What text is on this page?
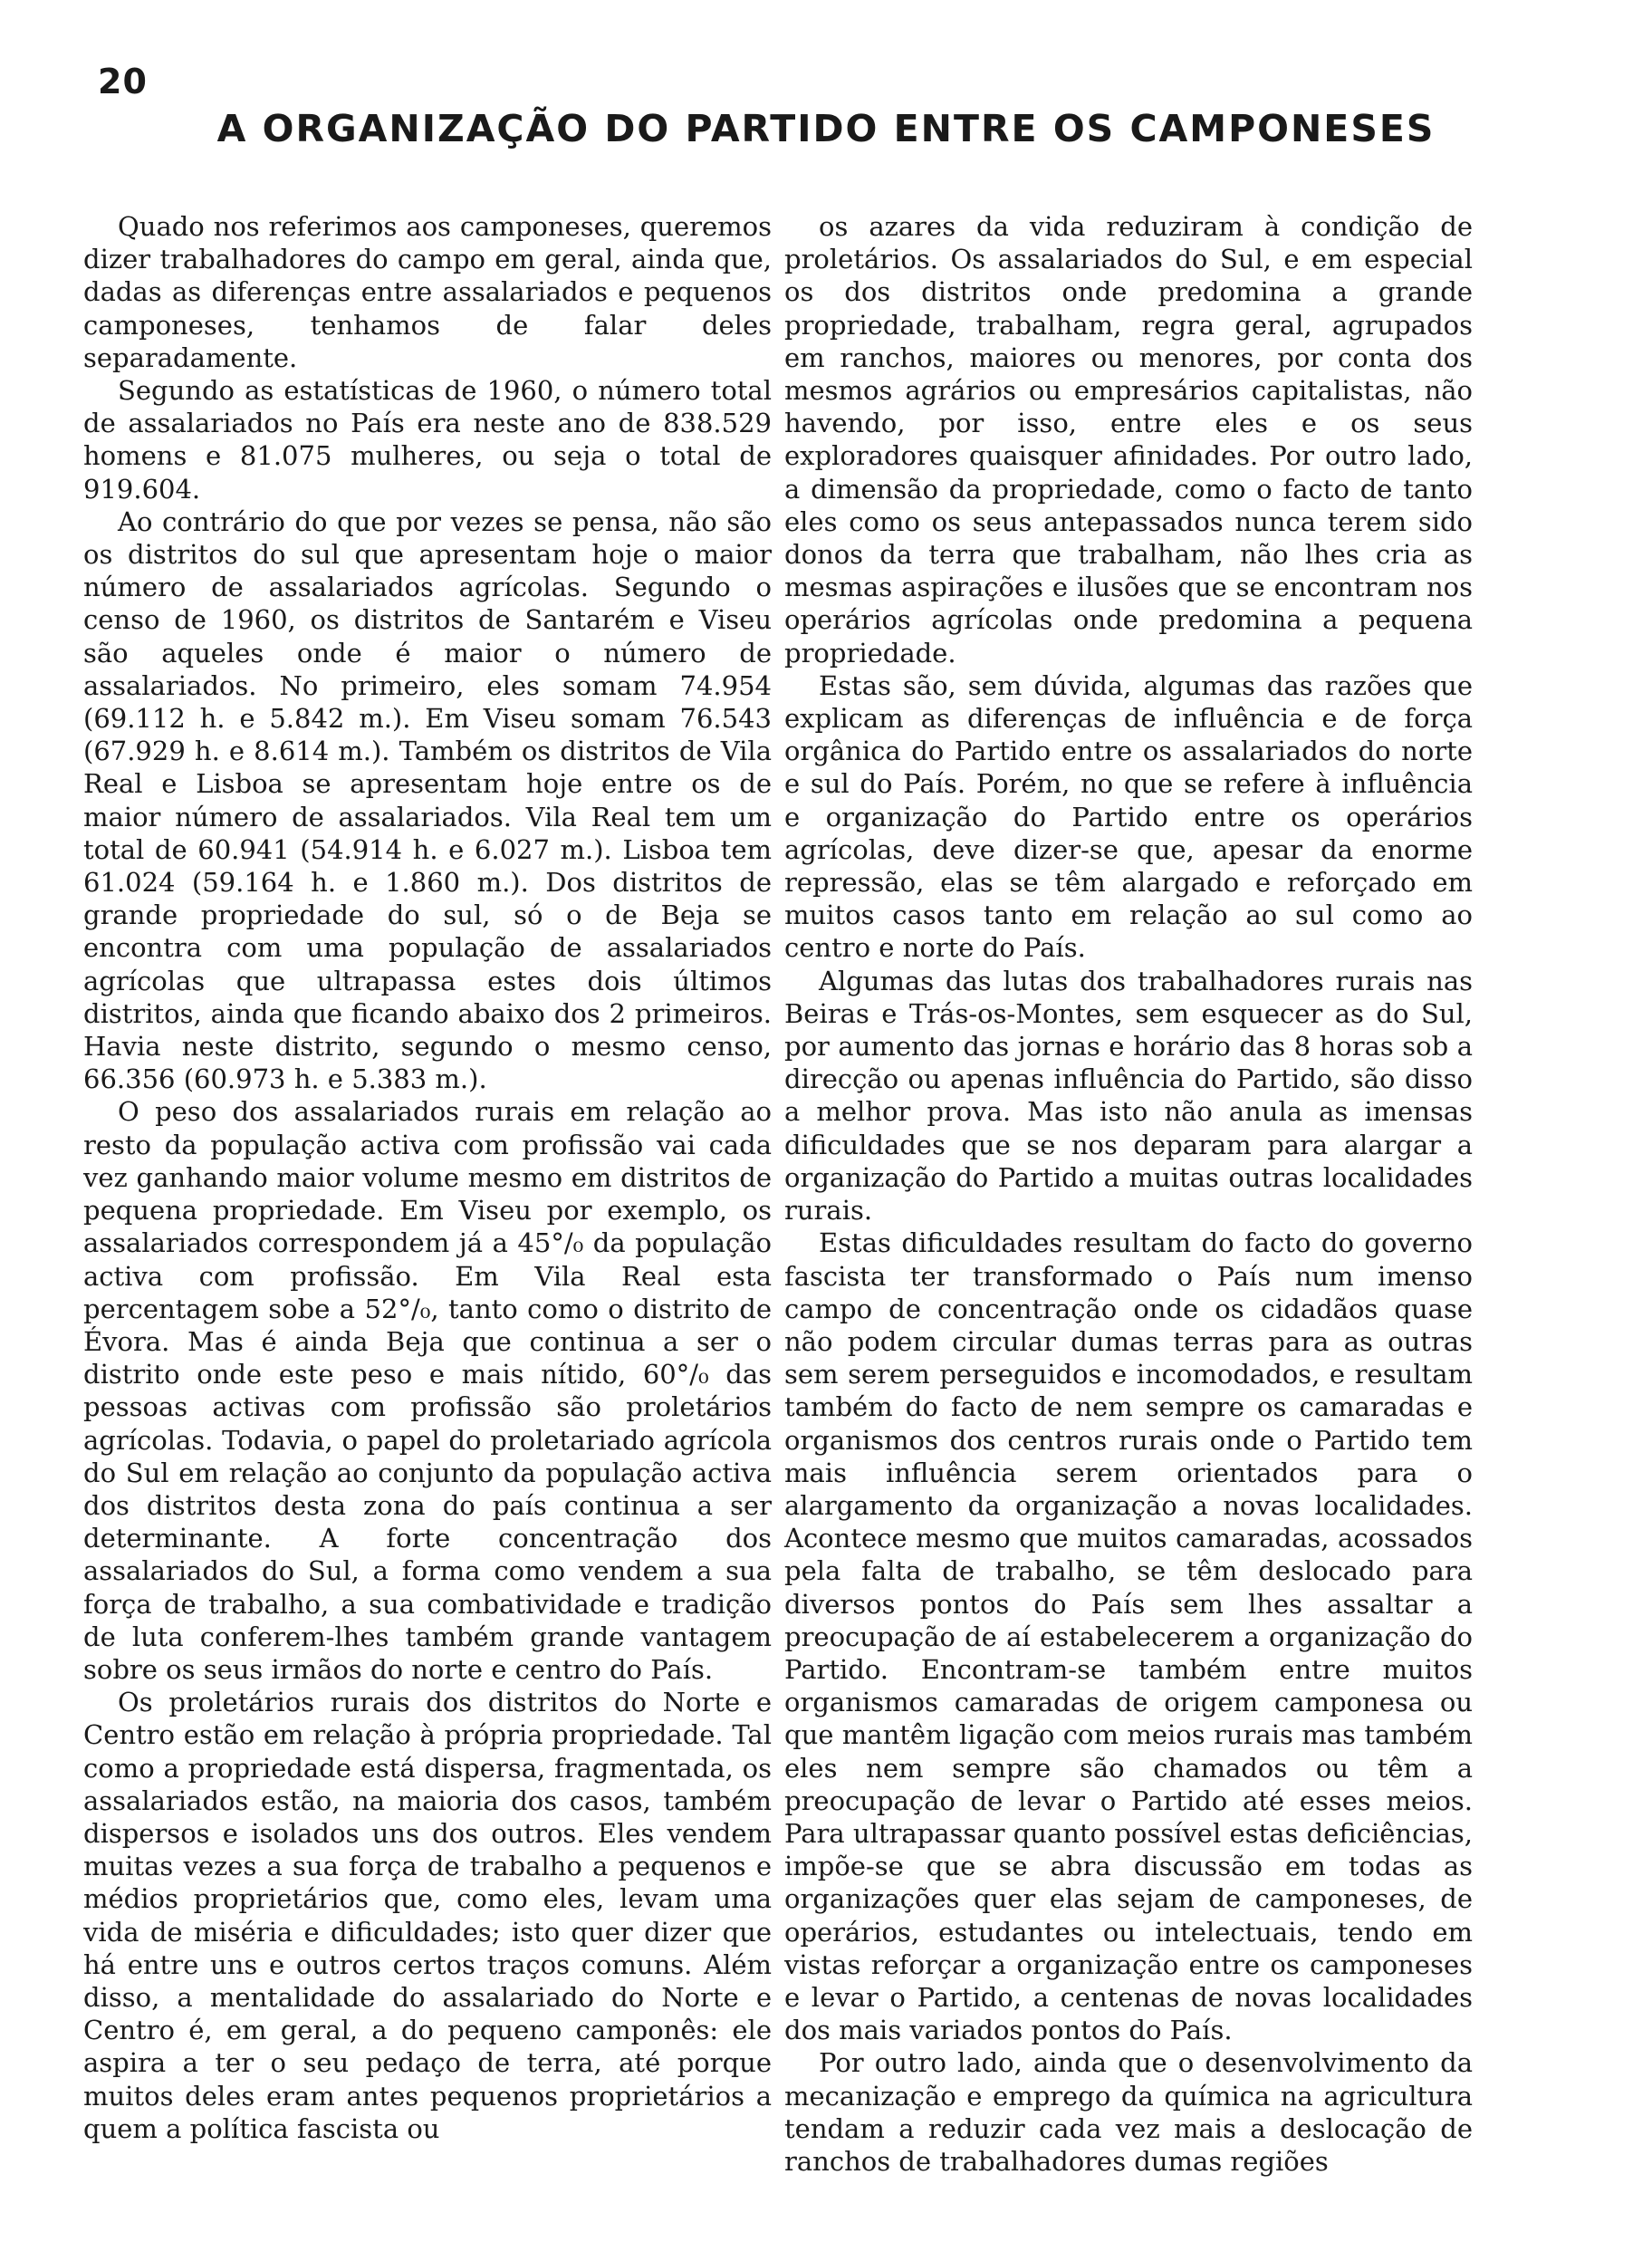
20
A ORGANIZAÇÃO DO PARTIDO ENTRE OS CAMPONESES

Quado nos referimos aos camponeses, queremos dizer trabalhadores do campo em geral, ainda que, dadas as diferenças entre assalariados e pequenos camponeses, tenhamos de falar deles separadamente.

Segundo as estatísticas de 1960, o número total de assalariados no País era neste ano de 838.529 homens e 81.075 mulheres, ou seja o total de 919.604.

Ao contrário do que por vezes se pensa, não são os distritos do sul que apresentam hoje o maior número de assalariados agrícolas. Segundo o censo de 1960, os distritos de Santarém e Viseu são aqueles onde é maior o número de assalariados. No primeiro, eles somam 74.954 (69.112 h. e 5.842 m.). Em Viseu somam 76.543 (67.929 h. e 8.614 m.). Também os distritos de Vila Real e Lisboa se apresentam hoje entre os de maior número de assalariados. Vila Real tem um total de 60.941 (54.914 h. e 6.027 m.). Lisboa tem 61.024 (59.164 h. e 1.860 m.). Dos distritos de grande propriedade do sul, só o de Beja se encontra com uma população de assalariados agrícolas que ultrapassa estes dois últimos distritos, ainda que ficando abaixo dos 2 primeiros. Havia neste distrito, segundo o mesmo censo, 66.356 (60.973 h. e 5.383 m.).

O peso dos assalariados rurais em relação ao resto da população activa com profissão vai cada vez ganhando maior volume mesmo em distritos de pequena propriedade. Em Viseu por exemplo, os assalariados correspondem já a 45°/₀ da população activa com profissão. Em Vila Real esta percentagem sobe a 52°/₀, tanto como o distrito de Évora. Mas é ainda Beja que continua a ser o distrito onde este peso e mais nítido, 60°/₀ das pessoas activas com profissão são proletários agrícolas. Todavia, o papel do proletariado agrícola do Sul em relação ao conjunto da população activa dos distritos desta zona do país continua a ser determinante. A forte concentração dos assalariados do Sul, a forma como vendem a sua força de trabalho, a sua combatividade e tradição de luta conferem-lhes também grande vantagem sobre os seus irmãos do norte e centro do País.

Os proletários rurais dos distritos do Norte e Centro estão em relação à própria propriedade. Tal como a propriedade está dispersa, fragmentada, os assalariados estão, na maioria dos casos, também dispersos e isolados uns dos outros. Eles vendem muitas vezes a sua força de trabalho a pequenos e médios proprietários que, como eles, levam uma vida de miséria e dificuldades; isto quer dizer que há entre uns e outros certos traços comuns. Além disso, a mentalidade do assalariado do Norte e Centro é, em geral, a do pequeno camponês: ele aspira a ter o seu pedaço de terra, até porque muitos deles eram antes pequenos proprietários a quem a política fascista ou

os azares da vida reduziram à condição de proletários. Os assalariados do Sul, e em especial os dos distritos onde predomina a grande propriedade, trabalham, regra geral, agrupados em ranchos, maiores ou menores, por conta dos mesmos agrários ou empresários capitalistas, não havendo, por isso, entre eles e os seus exploradores quaisquer afinidades. Por outro lado, a dimensão da propriedade, como o facto de tanto eles como os seus antepassados nunca terem sido donos da terra que trabalham, não lhes cria as mesmas aspirações e ilusões que se encontram nos operários agrícolas onde predomina a pequena propriedade.

Estas são, sem dúvida, algumas das razões que explicam as diferenças de influência e de força orgânica do Partido entre os assalariados do norte e sul do País. Porém, no que se refere à influência e organização do Partido entre os operários agrícolas, deve dizer-se que, apesar da enorme repressão, elas se têm alargado e reforçado em muitos casos tanto em relação ao sul como ao centro e norte do País.

Algumas das lutas dos trabalhadores rurais nas Beiras e Trás-os-Montes, sem esquecer as do Sul, por aumento das jornas e horário das 8 horas sob a direcção ou apenas influência do Partido, são disso a melhor prova. Mas isto não anula as imensas dificuldades que se nos deparam para alargar a organização do Partido a muitas outras localidades rurais.

Estas dificuldades resultam do facto do governo fascista ter transformado o País num imenso campo de concentração onde os cidadãos quase não podem circular dumas terras para as outras sem serem perseguidos e incomodados, e resultam também do facto de nem sempre os camaradas e organismos dos centros rurais onde o Partido tem mais influência serem orientados para o alargamento da organização a novas localidades. Acontece mesmo que muitos camaradas, acossados pela falta de trabalho, se têm deslocado para diversos pontos do País sem lhes assaltar a preocupação de aí estabelecerem a organização do Partido. Encontram-se também entre muitos organismos camaradas de origem camponesa ou que mantêm ligação com meios rurais mas também eles nem sempre são chamados ou têm a preocupação de levar o Partido até esses meios. Para ultrapassar quanto possível estas deficiências, impõe-se que se abra discussão em todas as organizações quer elas sejam de camponeses, de operários, estudantes ou intelectuais, tendo em vistas reforçar a organização entre os camponeses e levar o Partido, a centenas de novas localidades dos mais variados pontos do País.

Por outro lado, ainda que o desenvolvimento da mecanização e emprego da química na agricultura tendam a reduzir cada vez mais a deslocação de ranchos de trabalhadores dumas regiões
